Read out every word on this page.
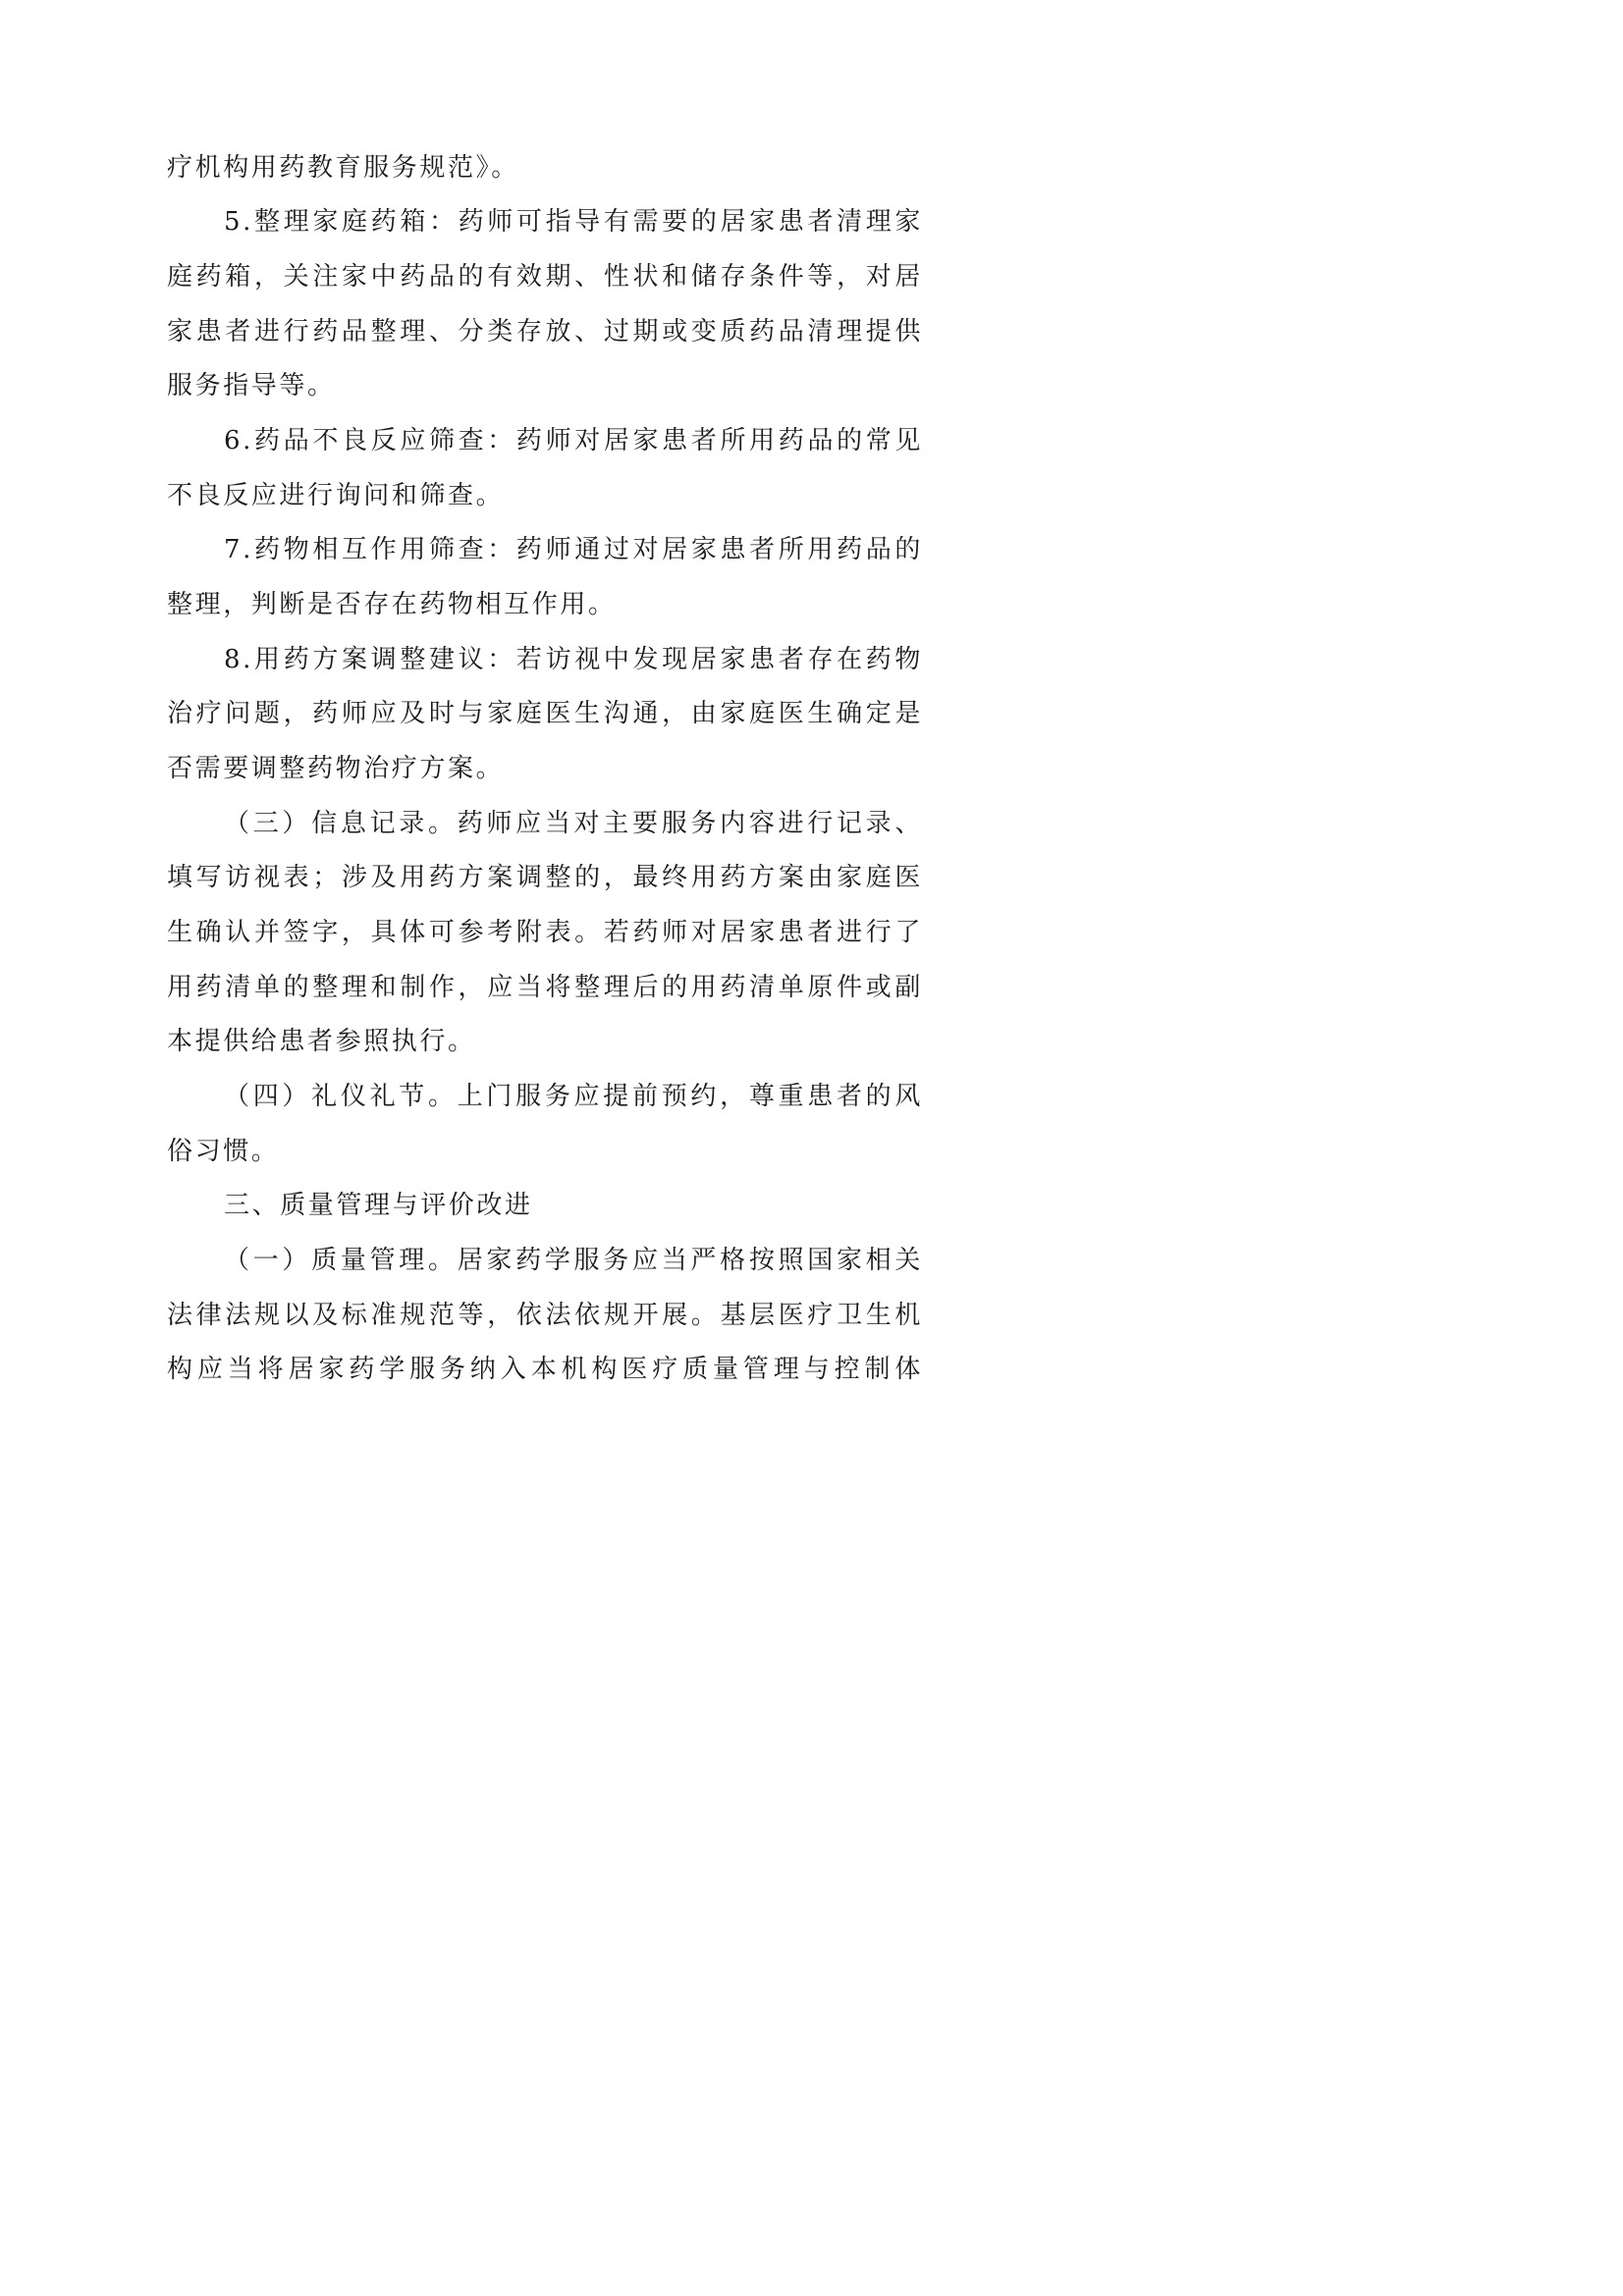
疗机构用药教育服务规范》。
5.整理家庭药箱：药师可指导有需要的居家患者清理家
庭药箱，关注家中药品的有效期、性状和储存条件等，对居
家患者进行药品整理、分类存放、过期或变质药品清理提供
服务指导等。
6.药品不良反应筛查：药师对居家患者所用药品的常见
不良反应进行询问和筛查。
7.药物相互作用筛查：药师通过对居家患者所用药品的
整理，判断是否存在药物相互作用。
8.用药方案调整建议：若访视中发现居家患者存在药物
治疗问题，药师应及时与家庭医生沟通，由家庭医生确定是
否需要调整药物治疗方案。
（三）信息记录。药师应当对主要服务内容进行记录、
填写访视表；涉及用药方案调整的，最终用药方案由家庭医
生确认并签字，具体可参考附表。若药师对居家患者进行了
用药清单的整理和制作，应当将整理后的用药清单原件或副
本提供给患者参照执行。
（四）礼仪礼节。上门服务应提前预约，尊重患者的风
俗习惯。
三、质量管理与评价改进
（一）质量管理。居家药学服务应当严格按照国家相关
法律法规以及标准规范等，依法依规开展。基层医疗卫生机
构应当将居家药学服务纳入本机构医疗质量管理与控制体
